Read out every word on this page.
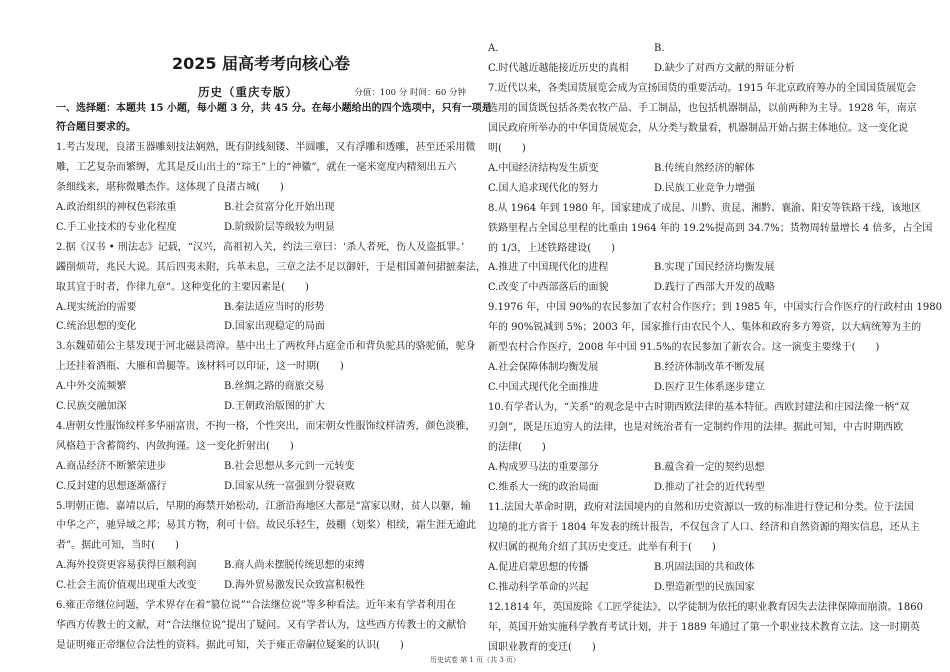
2025 届高考考向核心卷
历史（重庆专版）	分值：100 分 时间：60 分钟
一、选择题：本题共 15 小题，每小题 3 分，共 45 分。在每小题给出的四个选项中，只有一项是
符合题目要求的。
1.考古发现，良渚玉器雕刻技法娴熟，既有阴线刻镂、半圆雕，又有浮雕和透雕，甚至还采用微
雕，工艺复杂而繁缛，尤其是反山出土的“琮王”上的“神徽”，就在一毫米宽度内精刻出五六
条细线来，堪称微雕杰作。这体现了良渚古城(　　)
A.政治组织的神权色彩浓重	B.社会贫富分化开始出现
C.手工业技术的专业化程度	D.阶级阶层等级较为明显
2.据《汉书 • 刑法志》记载，“汉兴，高祖初入关，约法三章曰：‘杀人者死，伤人及盗抵罪。’
蠲削烦苛，兆民大说。其后四夷未附，兵革未息，三章之法不足以御奸，于是相国萧何捃摭秦法，
取其宜于时者，作律九章”。这种变化的主要因素是(　　)
A.现实统治的需要	B.秦法适应当时的形势
C.统治思想的变化	D.国家出现稳定的局面
3.东魏茹茹公主墓发现于河北磁县湾漳。墓中出土了两枚拜占庭金币和背负驼具的骆驼俑，驼身
上还挂着酒瓶、大雁和兽腿等。该材料可以印证，这一时期(　　)
A.中外交流频繁	B.丝绸之路的商旅交易
C.民族交融加深	D.王朝政治版图的扩大
4.唐朝女性服饰纹样多华丽富贵，不拘一格，个性突出，而宋朝女性服饰纹样清秀，颜色淡雅，
风格趋于含蓄简约、内敛拘谨。这一变化折射出(　　)
A.商品经济不断繁荣进步	B.社会思想从多元到一元转变
C.反封建的思想逐渐盛行	D.国家从统一富强到分裂衰败
5.明朝正德、嘉靖以后，早期的海禁开始松动，江浙沿海地区大都是“富家以财，贫人以躯，输
中华之产，驰异域之邦；易其方物，利可十倍。故民乐轻生，鼓棚（划桨）相续，霜生涯无逾此
者”。据此可知，当时(　　)
A.海外投资更容易获得巨额利润	B.商人尚未摆脱传统思想的束缚
C.社会主流价值观出现重大改变	D.海外贸易激发民众致富积极性
6.雍正帝继位问题，学术界存在着“篡位说”“合法继位说”等多种看法。近年来有学者利用在
华西方传教士的文献，对“合法继位说”提出了疑问。又有学者认为，这些西方传教士的文献恰
是证明雍正帝继位合法性的资料。据此可知，关于雍正帝嗣位疑案的认识(　　)
A.	B.
C.时代越近越能接近历史的真相	D.缺少了对西方文献的辩证分析
7.近代以来，各类国货展览会成为宣扬国货的重要活动。1915 年北京政府筹办的全国国货展览会
选用的国货既包括各类农牧产品、手工制品，也包括机器制品，以前两种为主导。1928 年，南京
国民政府所举办的中华国货展览会，从分类与数量看，机器制品开始占据主体地位。这一变化说
明(　　)
A.中国经济结构发生质变	B.传统自然经济的解体
C.国人追求现代化的努力	D.民族工业竞争力增强
8.从 1964 年到 1980 年，国家建成了成昆、川黔、贵昆、湘黔、襄渝、阳安等铁路干线，该地区
铁路里程占全国总里程的比重由 1964 年的 19.2%提高到 34.7%；货物周转量增长 4 倍多，占全国
的 1/3，上述铁路建设(　　)
A.推进了中国现代化的进程	B.实现了国民经济均衡发展
C.改变了中西部落后的面貌	D.践行了西部大开发的战略
9.1976 年，中国 90%的农民参加了农村合作医疗；到 1985 年，中国实行合作医疗的行政村由 1980
年的 90%锐减到 5%；2003 年，国家推行由农民个人、集体和政府多方筹资，以大病统筹为主的
新型农村合作医疗，2008 年中国 91.5%的农民参加了新农合。这一演变主要缘于(　　)
A.社会保障体制均衡发展	B.经济体制改革不断发展
C.中国式现代化全面推进	D.医疗卫生体系逐步建立
10.有学者认为，“关系”的观念是中古时期西欧法律的基本特征。西欧封建法和庄园法像一柄“双
刃剑”，既是压迫穷人的法律，也是对统治者有一定制约作用的法律。据此可知，中古时期西欧
的法律(　　)
A.构成罗马法的重要部分	B.蕴含着一定的契约思想
C.维系大一统的政治局面	D.推动了社会的近代转型
11.法国大革命时期，政府对法国境内的自然和历史资源以一致的标准进行登记和分类。位于法国
边境的北方省于 1804 年发表的统计报告，不仅包含了人口、经济和自然资源的翔实信息，还从主
权归属的视角介绍了其历史变迁。此举有利于(　　)
A.促进启蒙思想的传播	B.巩固法国的共和政体
C.推动科学革命的兴起	D.塑造新型的民族国家
12.1814 年，英国废除《工匠学徒法》，以学徒制为依托的职业教育因失去法律保障而崩溃。1860
年，英国开始实施科学教育考试计划，并于 1889 年通过了第一个职业技术教育立法。这一时期英
国职业教育的变迁(　　)
历史试卷 第 1 页（共 3 页）
